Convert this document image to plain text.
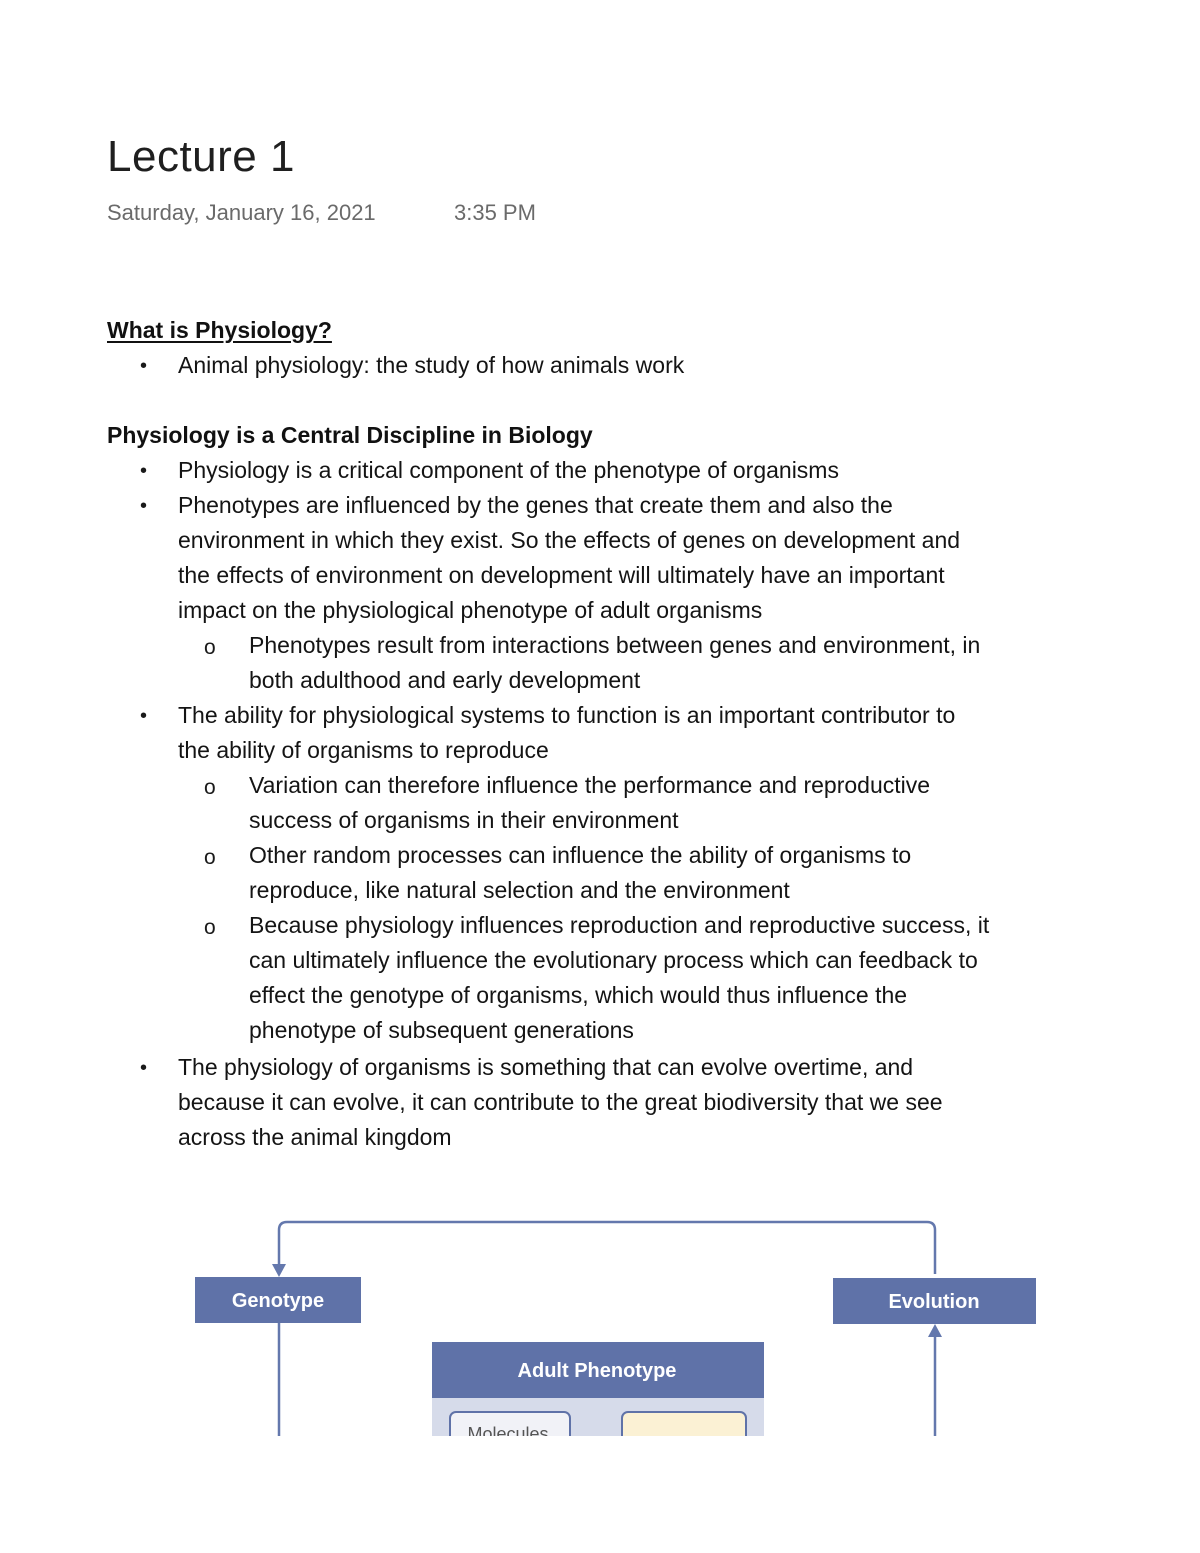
Lecture 1
Saturday, January 16, 2021	3:35 PM
What is Physiology?
• Animal physiology: the study of how animals work
Physiology is a Central Discipline in Biology
• Physiology is a critical component of the phenotype of organisms
• Phenotypes are influenced by the genes that create them and also the
environment in which they exist. So the effects of genes on development and
the effects of environment on development will ultimately have an important
impact on the physiological phenotype of adult organisms
o Phenotypes result from interactions between genes and environment, in
both adulthood and early development
• The ability for physiological systems to function is an important contributor to
the ability of organisms to reproduce
o Variation can therefore influence the performance and reproductive
success of organisms in their environment
o Other random processes can influence the ability of organisms to
reproduce, like natural selection and the environment
o Because physiology influences reproduction and reproductive success, it
can ultimately influence the evolutionary process which can feedback to
effect the genotype of organisms, which would thus influence the
phenotype of subsequent generations
• The physiology of organisms is something that can evolve overtime, and
because it can evolve, it can contribute to the great biodiversity that we see
across the animal kingdom
Genotype	Evolution
Adult Phenotype
Molecules
